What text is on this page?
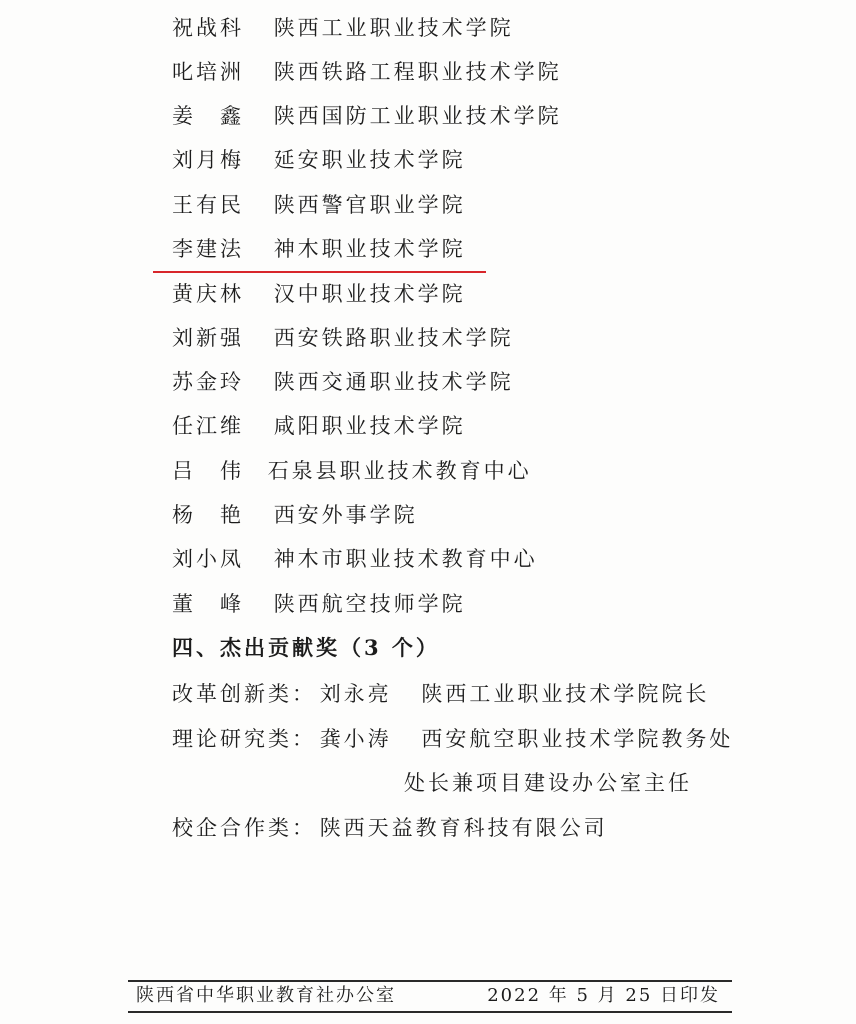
祝战科 陕西工业职业技术学院
叱培洲 陕西铁路工程职业技术学院
姜 鑫 陕西国防工业职业技术学院
刘月梅 延安职业技术学院
王有民 陕西警官职业学院
李建法 神木职业技术学院
黄庆林 汉中职业技术学院
刘新强 西安铁路职业技术学院
苏金玲 陕西交通职业技术学院
任江维 咸阳职业技术学院
吕 伟 石泉县职业技术教育中心
杨 艳 西安外事学院
刘小凤 神木市职业技术教育中心
董 峰 陕西航空技师学院
四、杰出贡献奖（3 个）
改革创新类： 刘永亮 陕西工业职业技术学院院长
理论研究类： 龚小涛 西安航空职业技术学院教务处
处长兼项目建设办公室主任
校企合作类： 陕西天益教育科技有限公司
陕西省中华职业教育社办公室	2022 年 5 月 25 日印发
